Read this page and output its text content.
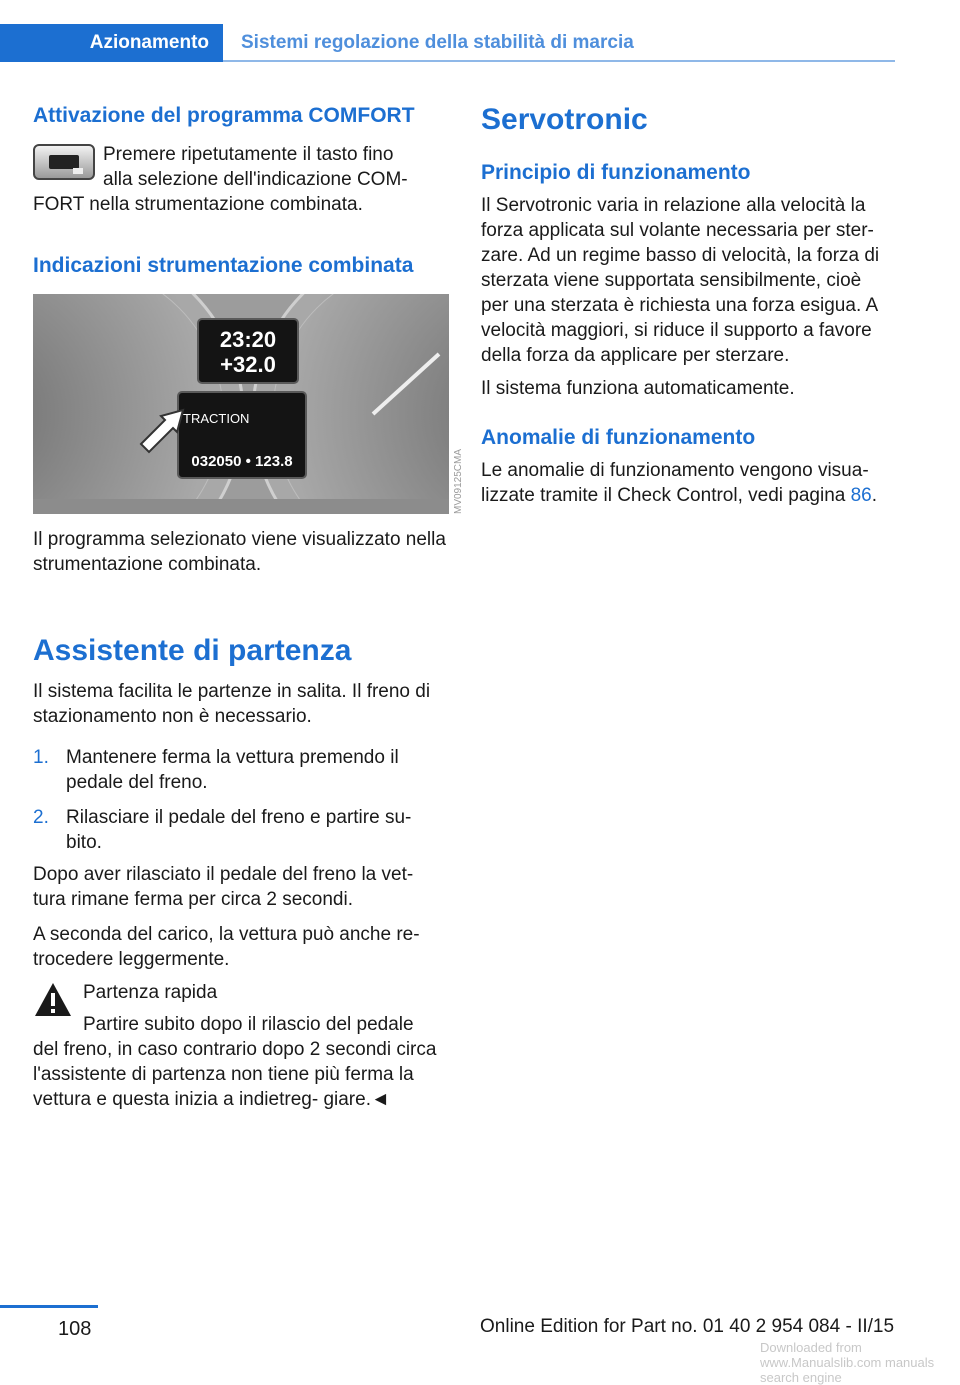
Azionamento	Sistemi regolazione della stabilità di marcia
Attivazione del programma COMFORT

Premere ripetutamente il tasto fino

alla selezione dell'indicazione COM-

FORT nella strumentazione combinata.

Indicazioni strumentazione combinata
23:20
+32.0
TRACTION
032050 • 123.8	MV09125CMA

Il programma selezionato viene visualizzato nella strumentazione combinata.

Assistente di partenza

Il sistema facilita le partenze in salita. Il freno di stazionamento non è necessario.

1. Mantenere ferma la vettura premendo il pedale del freno.

2. Rilasciare il pedale del freno e partire su- bito.

Dopo aver rilasciato il pedale del freno la vet- tura rimane ferma per circa 2 secondi.

A seconda del carico, la vettura può anche re- trocedere leggermente.

Partenza rapida

Partire subito dopo il rilascio del pedale

del freno, in caso contrario dopo 2 secondi circa l'assistente di partenza non tiene più ferma la vettura e questa inizia a indietreg- giare.◄

Servotronic
Principio di funzionamento

Il Servotronic varia in relazione alla velocità la forza applicata sul volante necessaria per ster- zare. Ad un regime basso di velocità, la forza di sterzata viene supportata sensibilmente, cioè per una sterzata è richiesta una forza esigua. A velocità maggiori, si riduce il supporto a favore della forza da applicare per sterzare.

Il sistema funziona automaticamente.

Anomalie di funzionamento

Le anomalie di funzionamento vengono visua- lizzate tramite il Check Control, vedi pagina 86.

108	Online Edition for Part no. 01 40 2 954 084 - II/15
Downloaded from www.Manualslib.com manuals search engine
